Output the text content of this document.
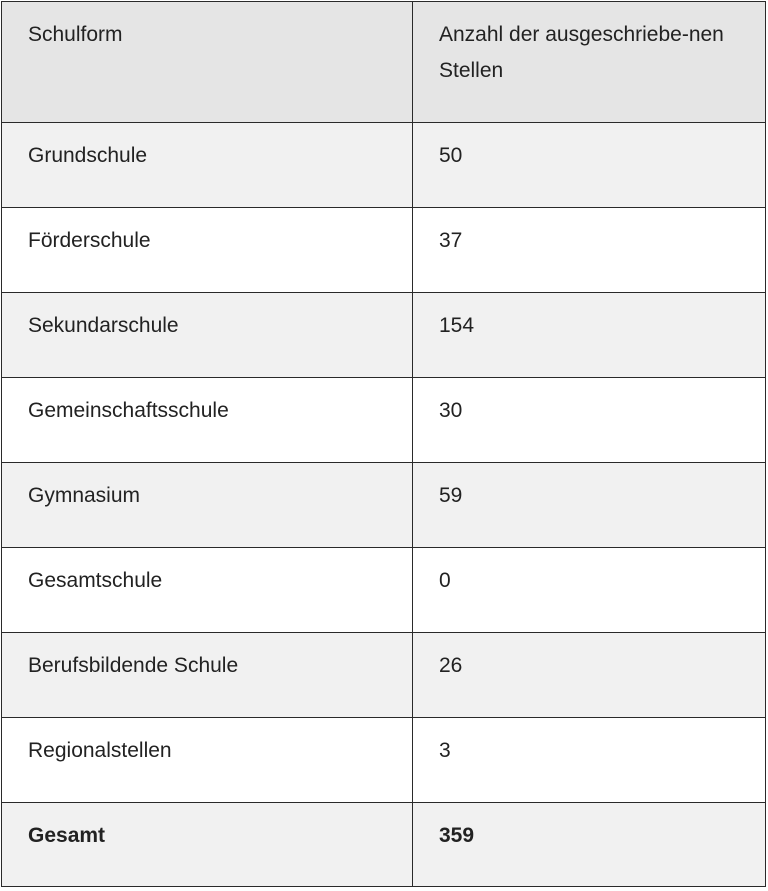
Schulform	Anzahl der ausgeschriebe-nen Stellen
Grundschule	50
Förderschule	37
Sekundarschule	154
Gemeinschaftsschule	30
Gymnasium	59
Gesamtschule	0
Berufsbildende Schule	26
Regionalstellen	3
Gesamt	359
